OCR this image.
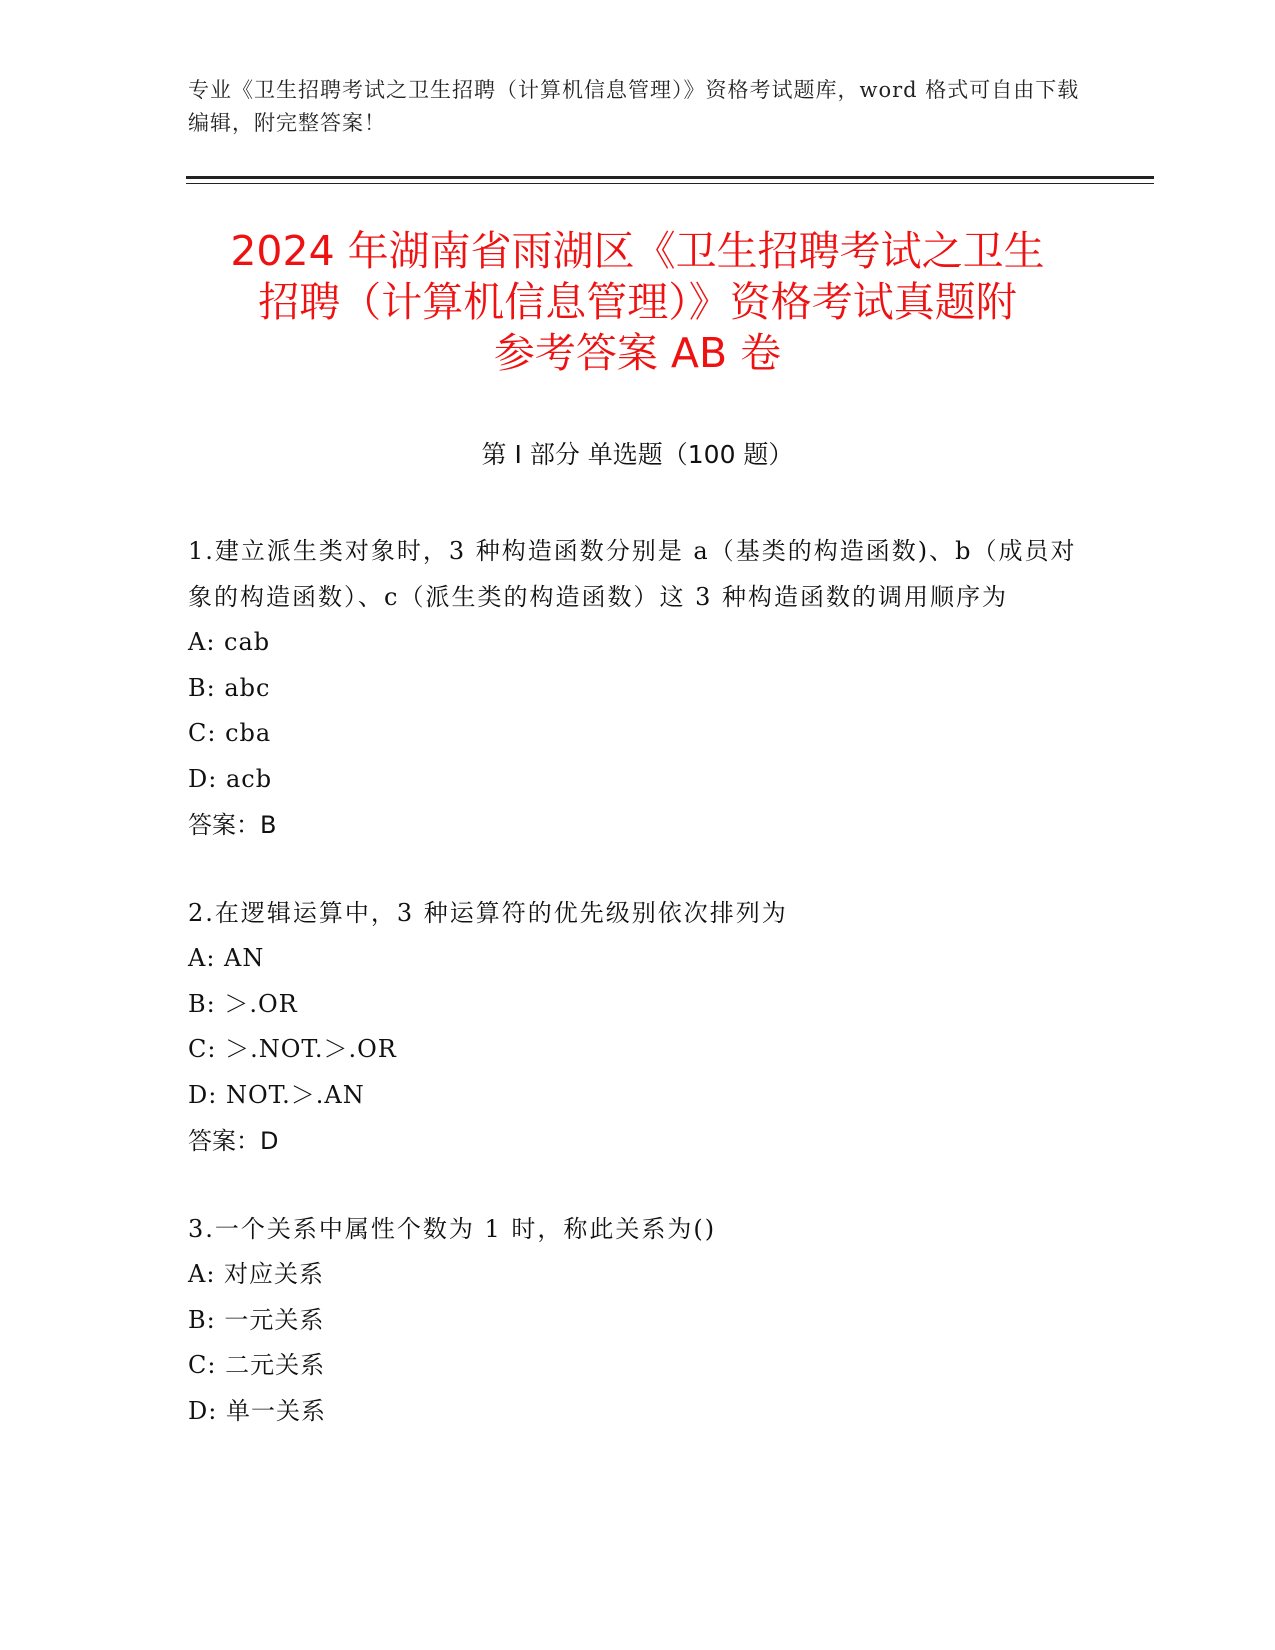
专业《卫生招聘考试之卫生招聘（计算机信息管理）》资格考试题库，word 格式可自由下载编辑，附完整答案！
2024 年湖南省雨湖区《卫生招聘考试之卫生
招聘（计算机信息管理）》资格考试真题附
参考答案 AB 卷
第 I 部分 单选题（100 题）
1.建立派生类对象时，3 种构造函数分别是 a（基类的构造函数)、b（成员对象的构造函数）、c（派生类的构造函数）这 3 种构造函数的调用顺序为
A: cab
B: abc
C: cba
D: acb
答案：B
2.在逻辑运算中，3 种运算符的优先级别依次排列为
A: AN
B: ＞.OR
C: ＞.NOT.＞.OR
D: NOT.＞.AN
答案：D
3.一个关系中属性个数为 1 时，称此关系为()
A: 对应关系
B: 一元关系
C: 二元关系
D: 单一关系
